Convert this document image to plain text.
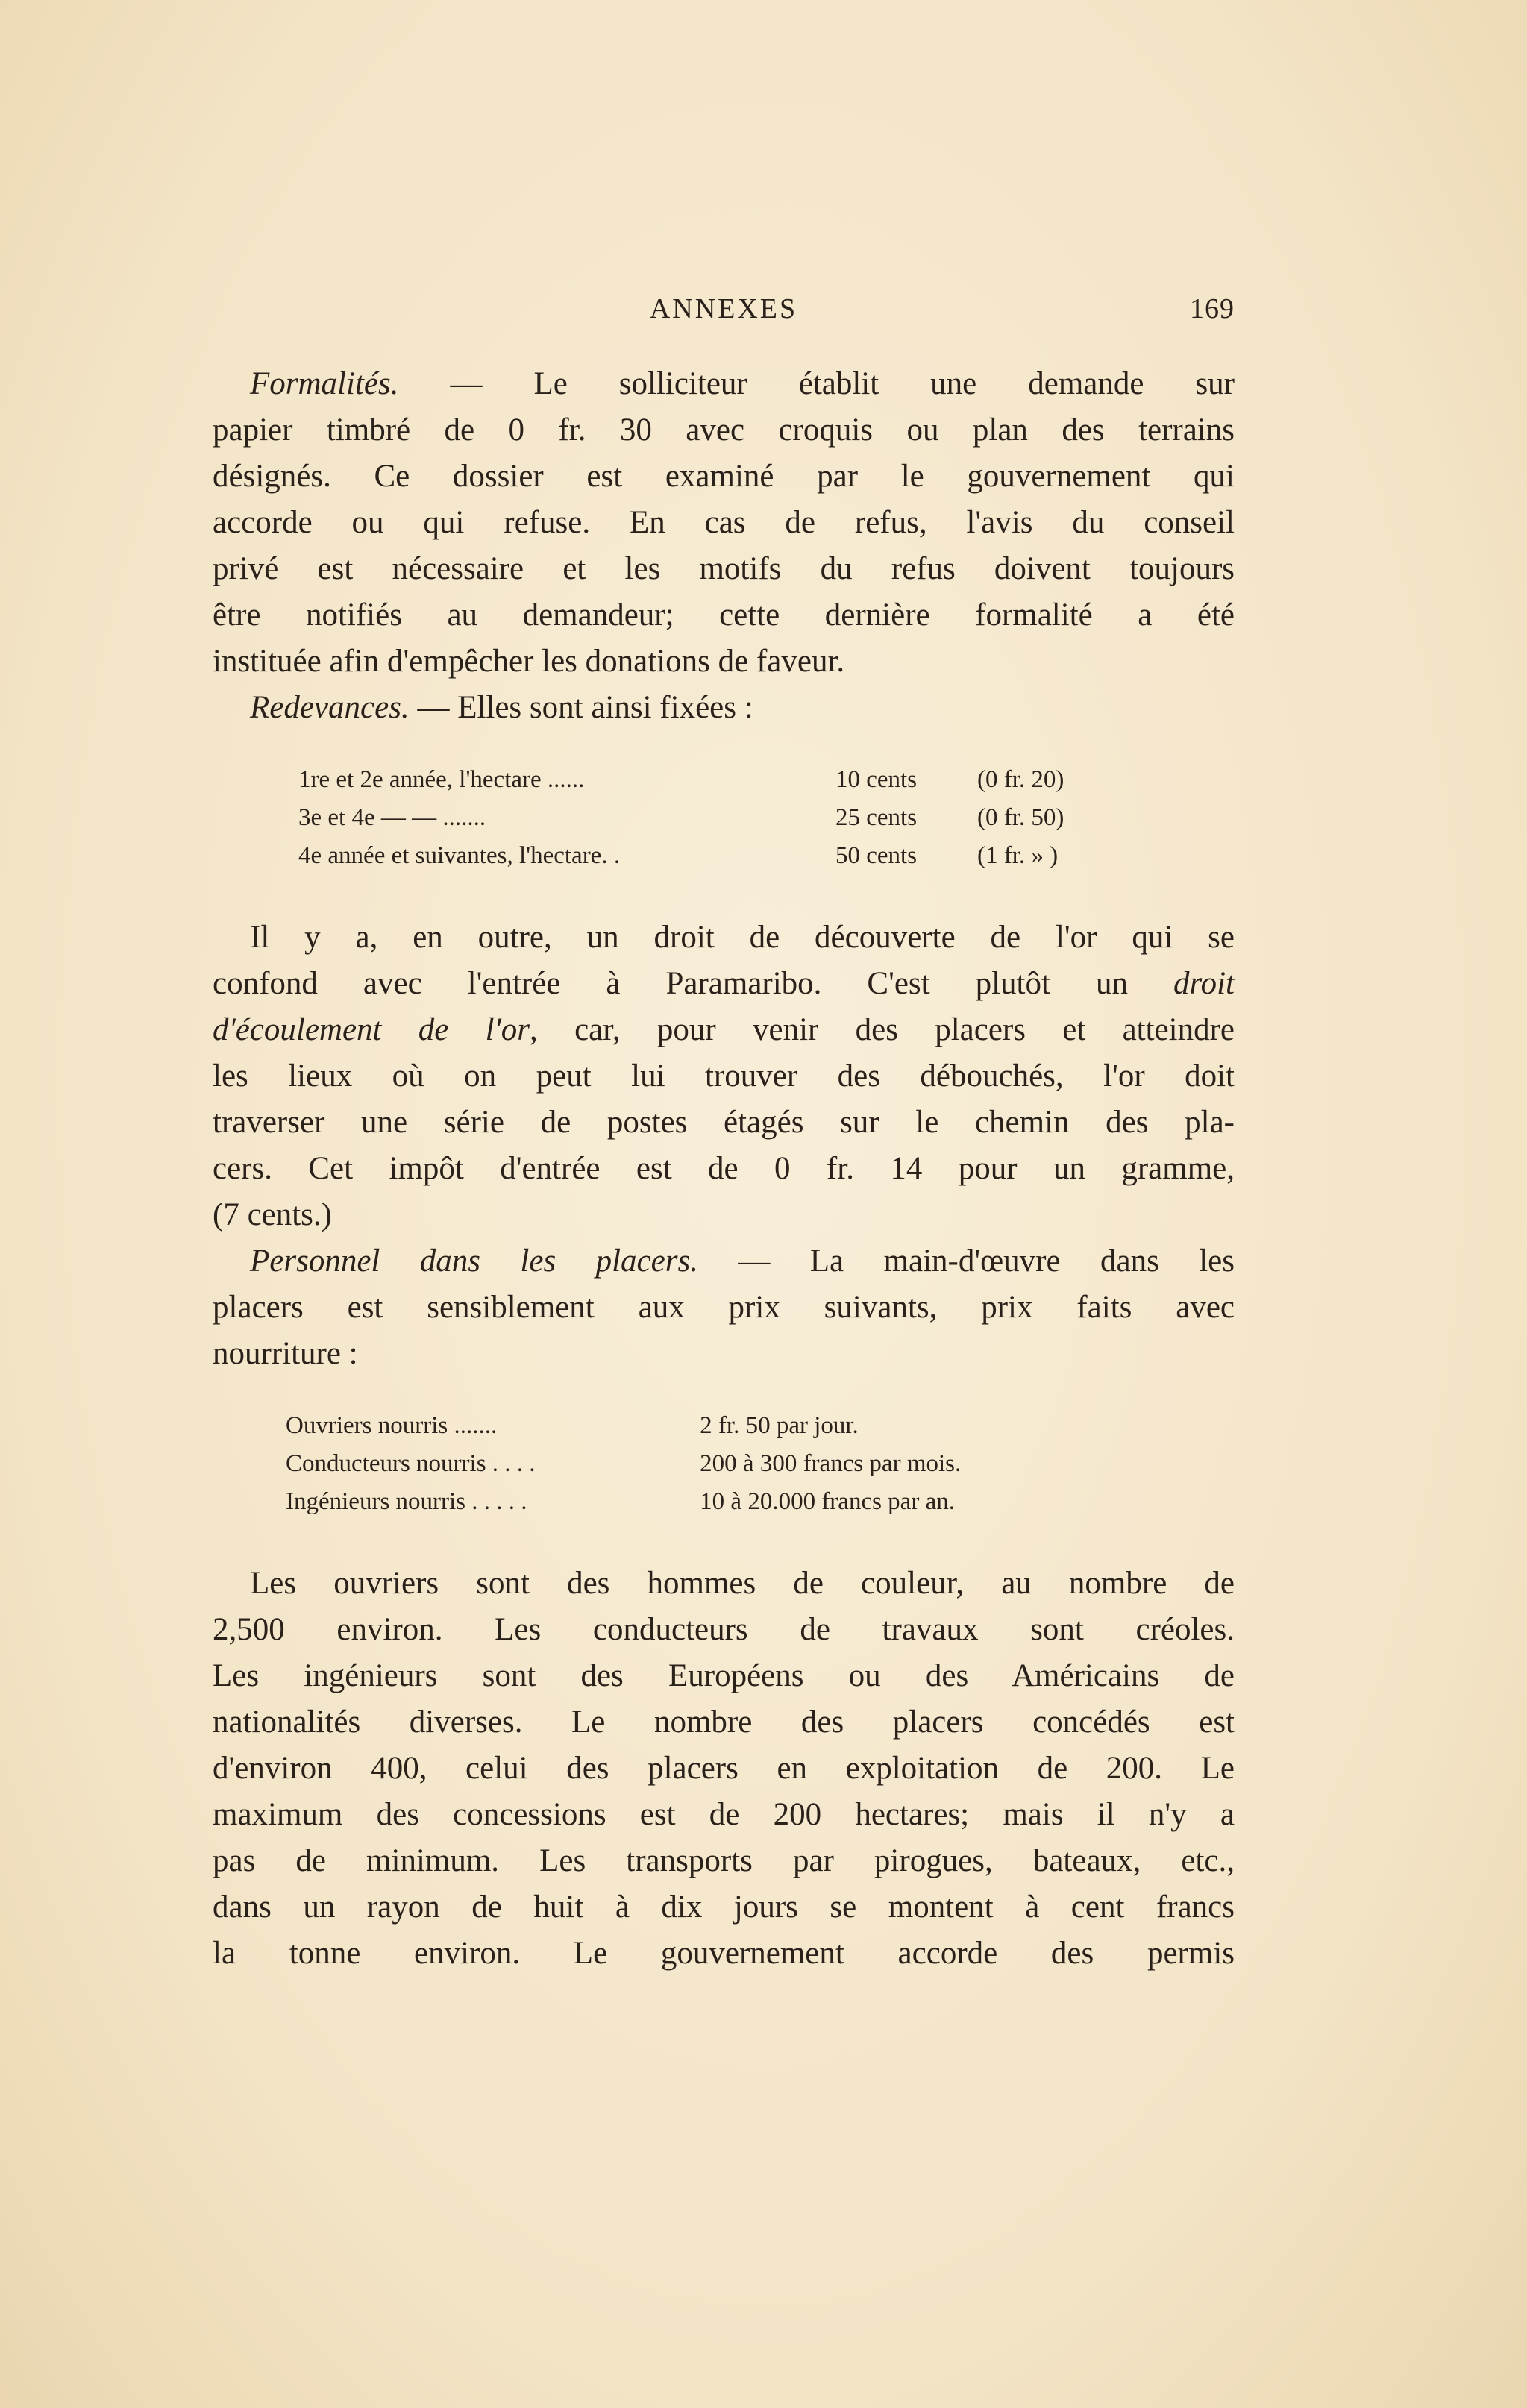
ANNEXES	169
Formalités. — Le solliciteur établit une demande sur
papier timbré de 0 fr. 30 avec croquis ou plan des terrains
désignés. Ce dossier est examiné par le gouvernement qui
accorde ou qui refuse. En cas de refus, l'avis du conseil
privé est nécessaire et les motifs du refus doivent toujours
être notifiés au demandeur; cette dernière formalité a été
instituée afin d'empêcher les donations de faveur.
Redevances. — Elles sont ainsi fixées :
1re et 2e année, l'hectare ......	10 cents	(0 fr. 20)
3e et 4e — — .......	25 cents	(0 fr. 50)
4e année et suivantes, l'hectare. .	50 cents	(1 fr. » )
Il y a, en outre, un droit de découverte de l'or qui se
confond avec l'entrée à Paramaribo. C'est plutôt un droit
d'écoulement de l'or, car, pour venir des placers et atteindre
les lieux où on peut lui trouver des débouchés, l'or doit
traverser une série de postes étagés sur le chemin des pla-
cers. Cet impôt d'entrée est de 0 fr. 14 pour un gramme,
(7 cents.)
Personnel dans les placers. — La main-d'œuvre dans les
placers est sensiblement aux prix suivants, prix faits avec
nourriture :
Ouvriers nourris .......	2 fr. 50 par jour.
Conducteurs nourris . . . .	200 à 300 francs par mois.
Ingénieurs nourris . . . . .	10 à 20.000 francs par an.
Les ouvriers sont des hommes de couleur, au nombre de
2,500 environ. Les conducteurs de travaux sont créoles.
Les ingénieurs sont des Européens ou des Américains de
nationalités diverses. Le nombre des placers concédés est
d'environ 400, celui des placers en exploitation de 200. Le
maximum des concessions est de 200 hectares; mais il n'y a
pas de minimum. Les transports par pirogues, bateaux, etc.,
dans un rayon de huit à dix jours se montent à cent francs
la tonne environ. Le gouvernement accorde des permis
